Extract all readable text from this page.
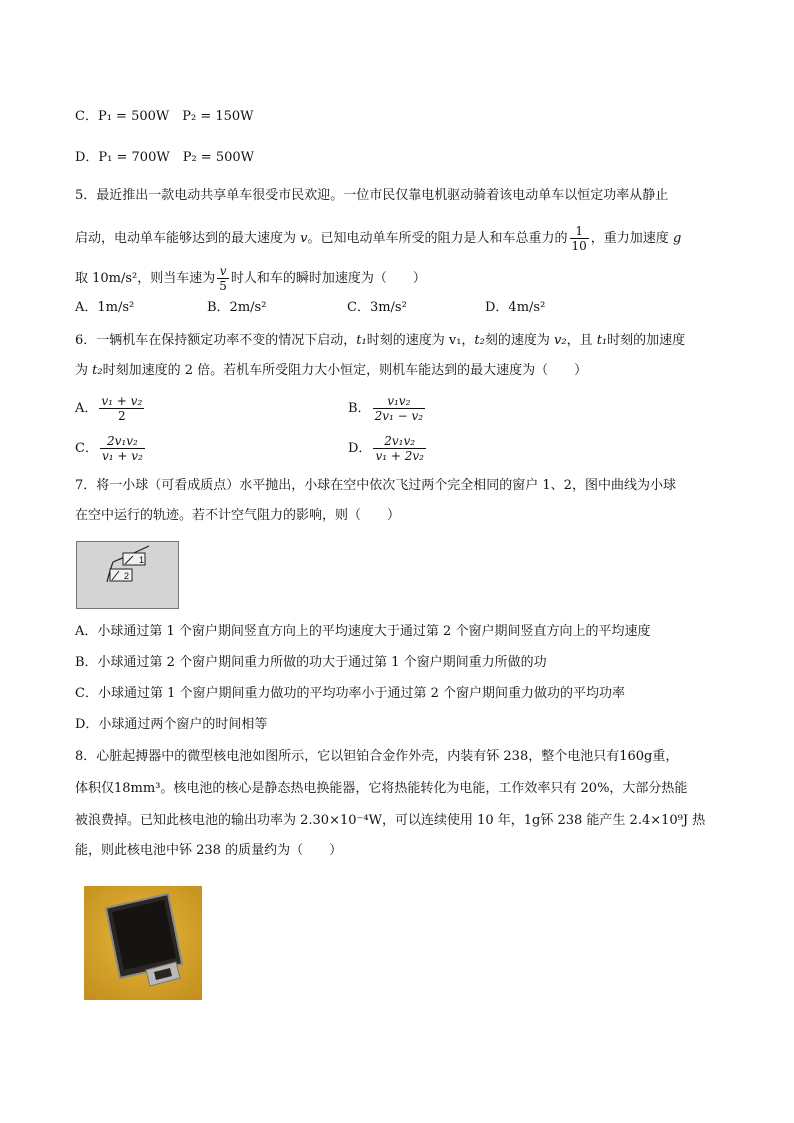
C．P₁ = 500W　P₂ = 150W
D．P₁ = 700W　P₂ = 500W
5．最近推出一款电动共享单车很受市民欢迎。一位市民仅靠电机驱动骑着该电动单车以恒定功率从静止
启动，电动单车能够达到的最大速度为 v。已知电动单车所受的阻力是人和车总重力的 $\frac{1}{10}$ ，重力加速度 g
取 10m/s²，则当车速为 $\frac{v}{5}$ 时人和车的瞬时加速度为（　　）
A．1m/s²	B．2m/s²	C．3m/s²	D．4m/s²
6．一辆机车在保持额定功率不变的情况下启动，t₁时刻的速度为 v₁，t₂刻的速度为 v₂，且 t₁时刻的加速度
为 t₂时刻加速度的 2 倍。若机车所受阻力大小恒定，则机车能达到的最大速度为（　　）
A． $\frac{\text{v₁ + v₂}}{2}$	B． $\frac{\text{v₁v₂}}{\text{2v₁ − v₂}}$
C． $\frac{\text{2v₁v₂}}{\text{v₁ + v₂}}$	D． $\frac{\text{2v₁v₂}}{\text{v₁ + 2v₂}}$
7．将一小球（可看成质点）水平抛出，小球在空中依次飞过两个完全相同的窗户 1、2，图中曲线为小球
在空中运行的轨迹。若不计空气阻力的影响，则（　　）
1
2
A．小球通过第 1 个窗户期间竖直方向上的平均速度大于通过第 2 个窗户期间竖直方向上的平均速度
B．小球通过第 2 个窗户期间重力所做的功大于通过第 1 个窗户期间重力所做的功
C．小球通过第 1 个窗户期间重力做功的平均功率小于通过第 2 个窗户期间重力做功的平均功率
D．小球通过两个窗户的时间相等
8．心脏起搏器中的微型核电池如图所示，它以钽铂合金作外壳，内装有钚 238，整个电池只有160g重，
体积仅18mm³。核电池的核心是静态热电换能器，它将热能转化为电能，工作效率只有 20%，大部分热能
被浪费掉。已知此核电池的输出功率为 2.30×10⁻⁴W，可以连续使用 10 年，1g钚 238 能产生 2.4×10⁹J 热
能，则此核电池中钚 238 的质量约为（　　）
